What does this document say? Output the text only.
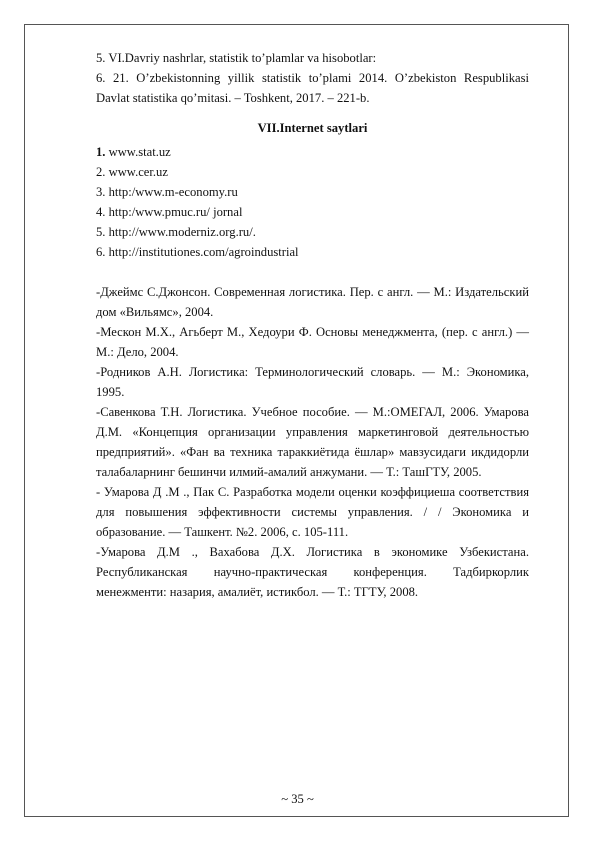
5. VI.Davriy nashrlar, statistik to’plamlar va hisobotlar:

6. 21. O’zbekistonning yillik statistik to’plami 2014. O’zbekiston Respublikasi Davlat statistika qo’mitasi. – Toshkent, 2017. – 221-b.

VII.Internet saytlari

1. www.stat.uz

2. www.cer.uz

3. http:/www.m-economy.ru

4. http:/www.pmuc.ru/ jornal

5. http://www.moderniz.org.ru/.

6. http://institutiones.com/agroindustrial

-Джеймс С.Джонсон. Современная логистика. Пер. с англ. — М.: Издательский дом «Вильямс», 2004.

-Мескон М.Х., Агьберт М., Хедоури Ф. Основы менеджмента, (пер. с англ.) — М.: Дело, 2004.

-Родников А.Н. Логистика: Терминологический словарь. — М.: Экономика, 1995.

-Савенкова Т.Н. Логистика. Учебное пособие. — М.:ОМЕГАЛ, 2006. Умарова Д.М. «Концепция организации управления маркетинговой деятельностью предприятий». «Фан ва техника тараккиётида ёшлар» мавзусидаги икдидорли талабаларнинг бешинчи илмий-амалий анжумани. — Т.: ТашГТУ, 2005.

- Умарова Д .М ., Пак С. Разработка модели оценки коэффициеша соответствия для повышения эффективности системы управления. / / Экономика и образование. — Ташкент. №2. 2006, с. 105-111.

-Умарова Д.М ., Вахабова Д.Х. Логистика в экономике Узбекистана. Республиканская научно-практическая конференция. Тадбиркорлик менежменти: назария, амалиёт, истикбол. — Т.: ТГТУ, 2008.

~ 35 ~
